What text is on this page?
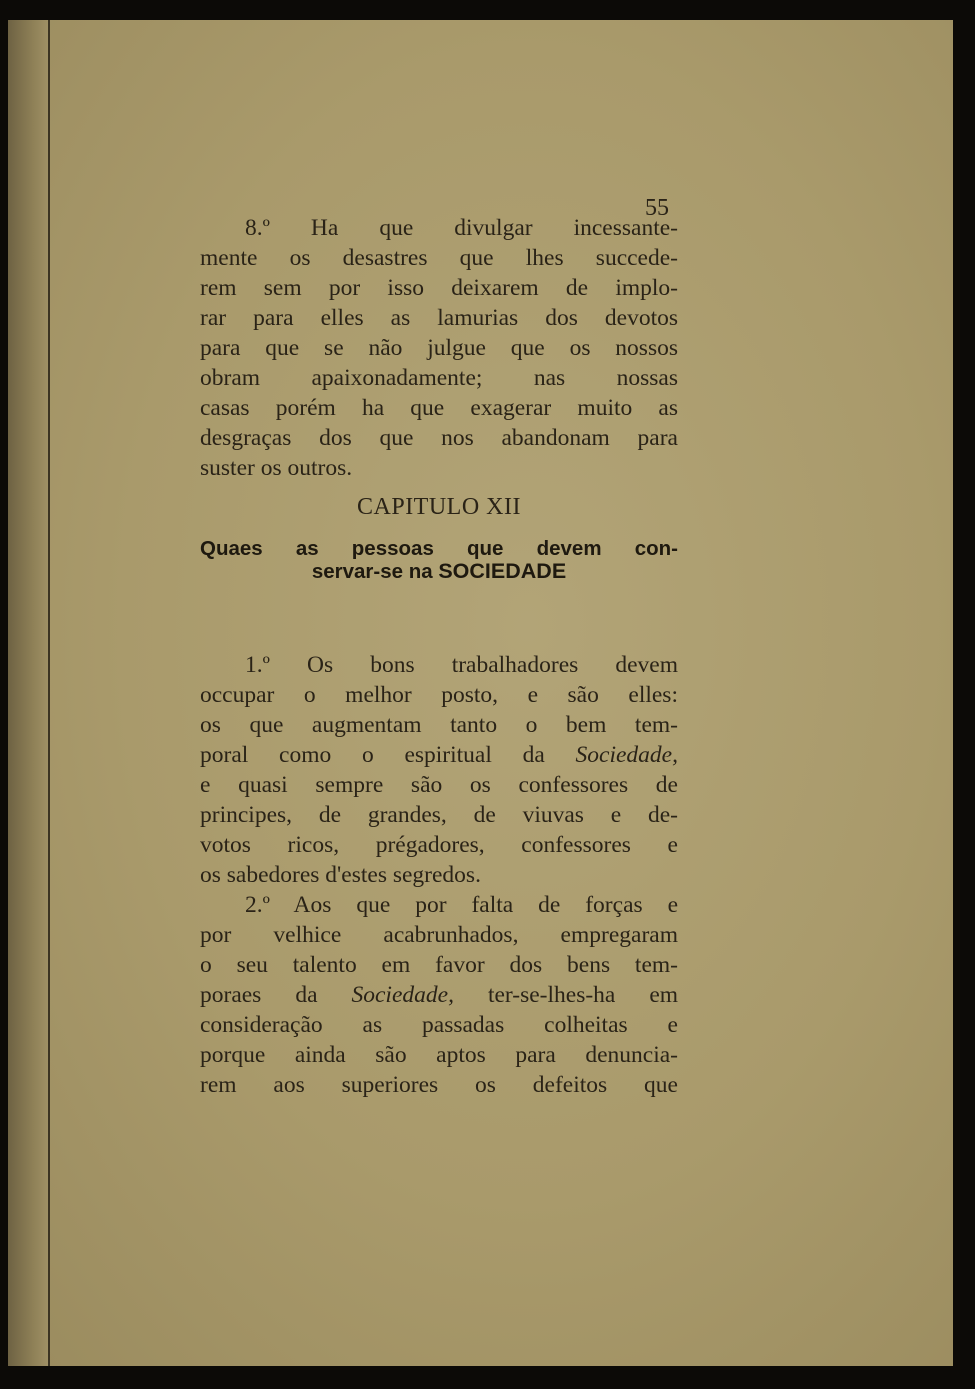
55
8.º Ha que divulgar incessante-
mente os desastres que lhes succede-
rem sem por isso deixarem de implo-
rar para elles as lamurias dos devotos
para que se não julgue que os nossos
obram apaixonadamente; nas nossas
casas porém ha que exagerar muito as
desgraças dos que nos abandonam para
suster os outros.
CAPITULO XII
Quaes as pessoas que devem con-
servar-se na SOCIEDADE
1.º Os bons trabalhadores devem
occupar o melhor posto, e são elles:
os que augmentam tanto o bem tem-
poral como o espiritual da Sociedade,
e quasi sempre são os confessores de
principes, de grandes, de viuvas e de-
votos ricos, prégadores, confessores e
os sabedores d'estes segredos.
2.º Aos que por falta de forças e
por velhice acabrunhados, empregaram
o seu talento em favor dos bens tem-
poraes da Sociedade, ter-se-lhes-ha em
consideração as passadas colheitas e
porque ainda são aptos para denuncia-
rem aos superiores os defeitos que
